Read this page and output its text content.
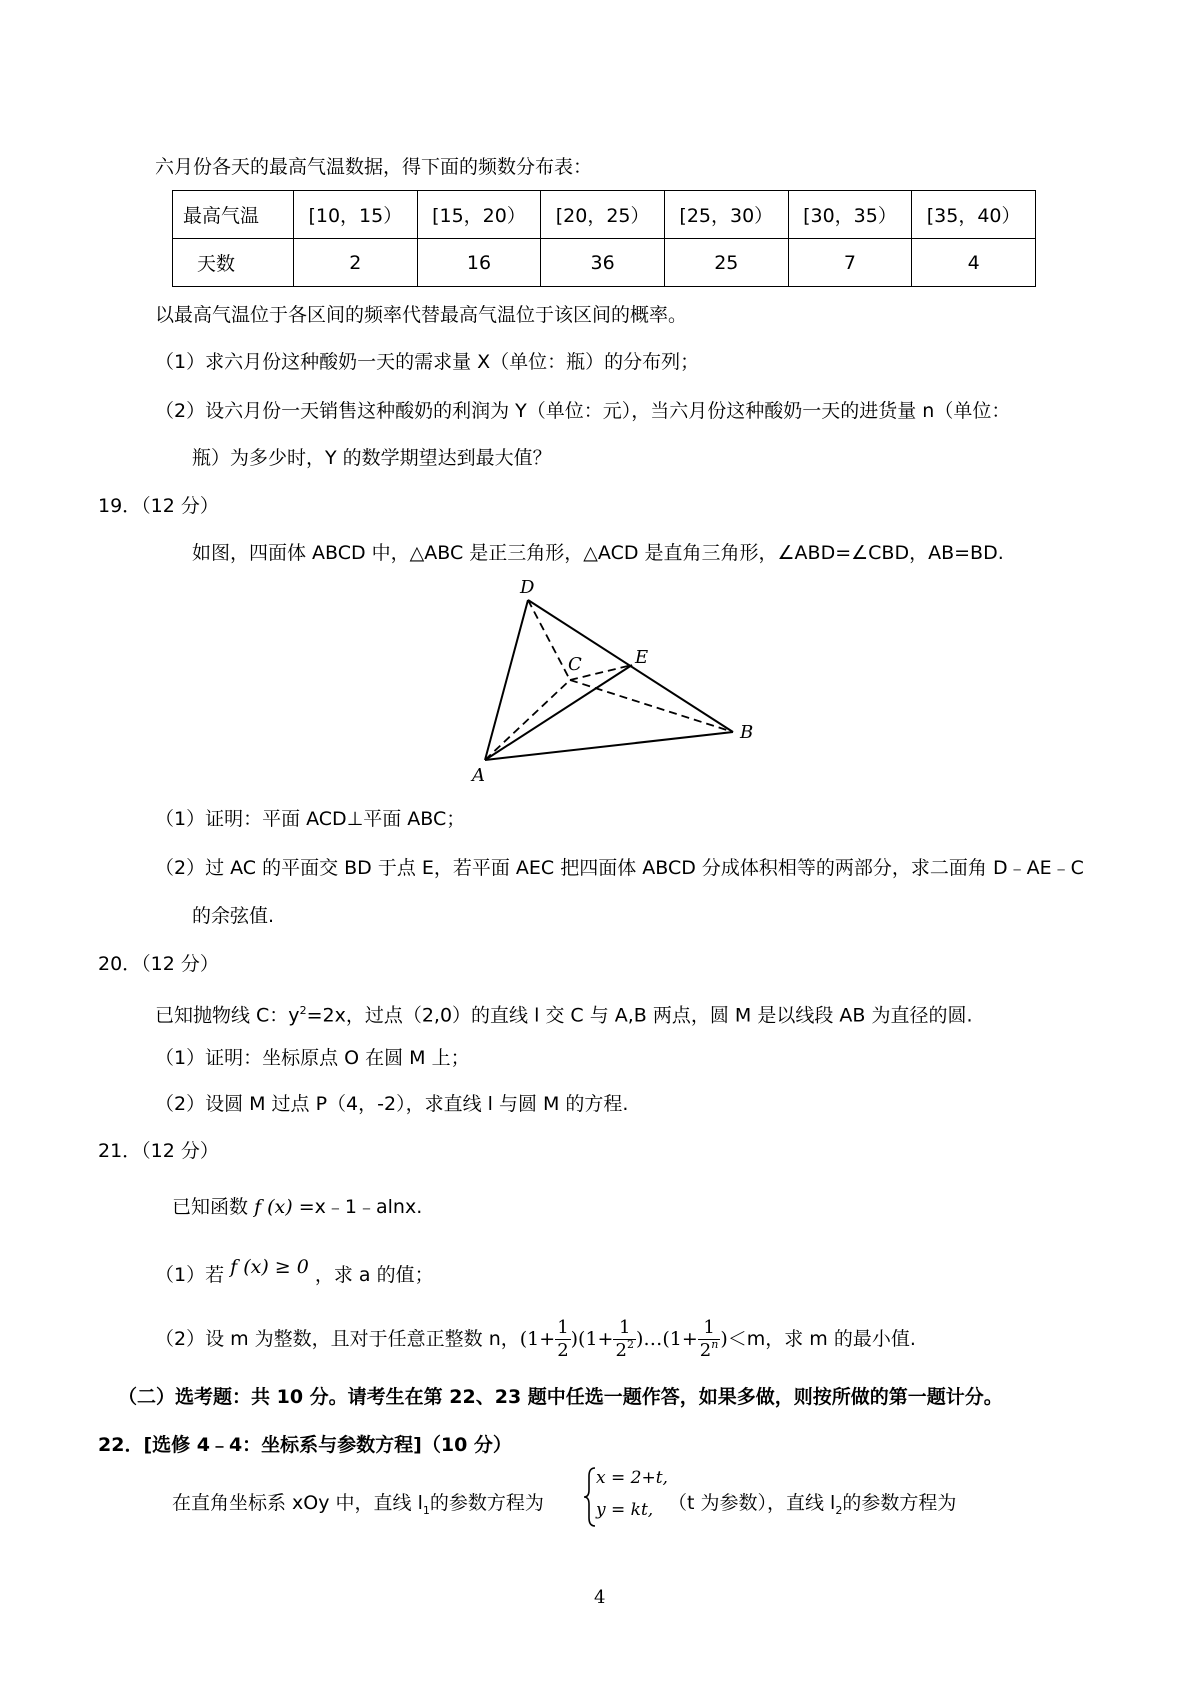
六月份各天的最高气温数据，得下面的频数分布表：
最高气温	[10，15）	[15，20）	[20，25）	[25，30）	[30，35）	[35，40）
天数	2	16	36	25	7	4
以最高气温位于各区间的频率代替最高气温位于该区间的概率。
（1）求六月份这种酸奶一天的需求量 X（单位：瓶）的分布列；
（2）设六月份一天销售这种酸奶的利润为 Y（单位：元），当六月份这种酸奶一天的进货量 n（单位：
瓶）为多少时，Y 的数学期望达到最大值？
19．（12 分）
如图，四面体 ABCD 中，△ABC 是正三角形，△ACD 是直角三角形，∠ABD=∠CBD，AB=BD.
D
C	E
B
A
（1）证明：平面 ACD⊥平面 ABC；
（2）过 AC 的平面交 BD 于点 E，若平面 AEC 把四面体 ABCD 分成体积相等的两部分，求二面角 D﹣AE﹣C
的余弦值.
20．（12 分）
已知抛物线 C：$y^2=2x$，过点（2,0）的直线 l 交 C 与 A,B 两点，圆 M 是以线段 AB 为直径的圆.
（1）证明：坐标原点 O 在圆 M 上；
（2）设圆 M 过点 P（4，-2），求直线 l 与圆 M 的方程.
21．（12 分）
已知函数 f (x) =x﹣1﹣alnx.
（1）若 f (x) ≥ 0 ，求 a 的值；
（2）设 m 为整数，且对于任意正整数 n，$(1+ \frac{1}{2} )(1+ \frac{1}{2^2}$ )…(1+ $\frac{1}{2^n} )<m$，求 m 的最小值.
（二）选考题：共 10 分。请考生在第 22、23 题中任选一题作答，如果多做，则按所做的第一题计分。
22．[选修 4﹣4：坐标系与参数方程]（10 分）
在直角坐标系 xOy 中，直线 $l_1$的参数方程为
x = 2+t,
y = kt, （t 为参数），直线 $l_2$的参数方程为
4
